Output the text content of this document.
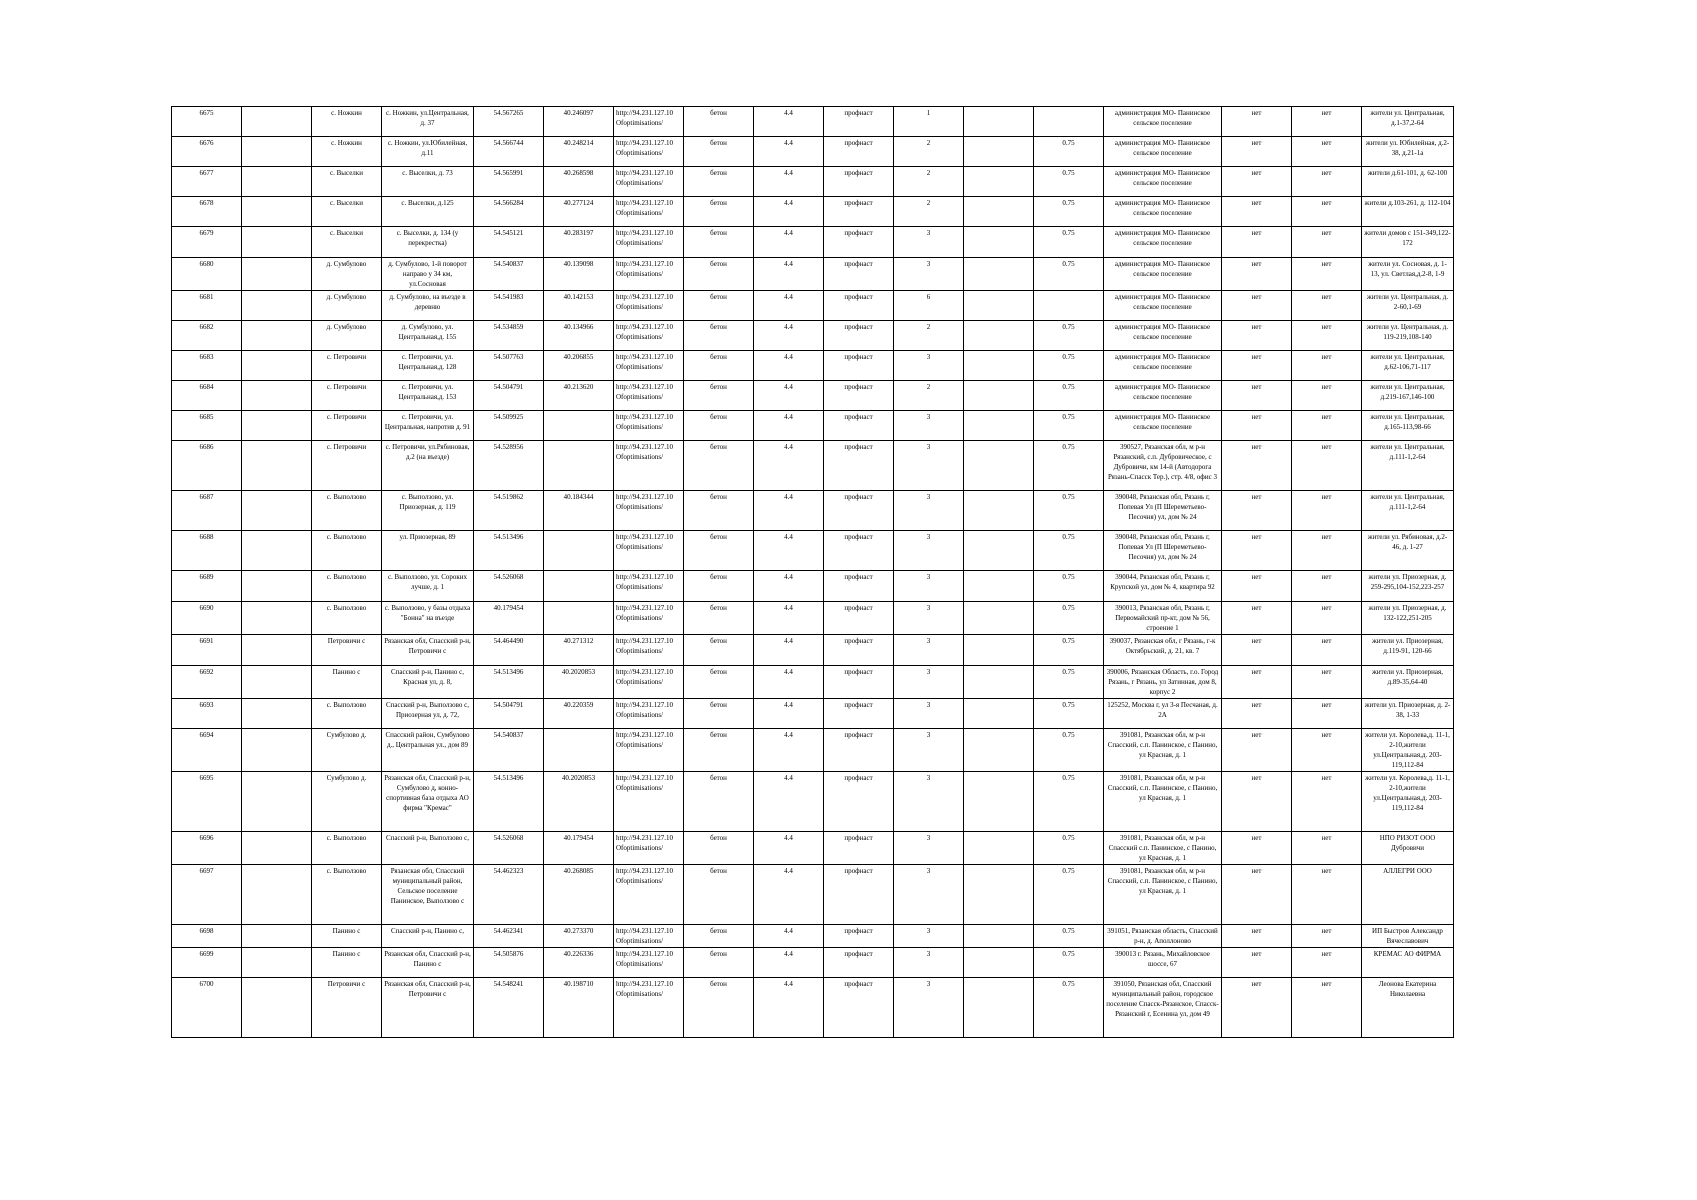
6675		с. Ножкин	с. Ножкин, ул.Центральная, д. 37	54.567265	40.246097	http://94.231.127.10 Ofoptimisations/	бетон	4.4	профнаст	1			администрация МО- Панинское сельское поселение	нет	нет	жители ул. Центральная, д.1-37,2-64
6676		с. Ножкин	с. Ножкин, ул.Юбилейная, д.11	54.566744	40.248214	http://94.231.127.10 Ofoptimisations/	бетон	4.4	профнаст	2		0.75	администрация МО- Панинское сельское поселение	нет	нет	жители ул. Юбилейная, д.2-38, д.21-1а
6677		с. Выселки	с. Выселки, д. 73	54.565991	40.268598	http://94.231.127.10 Ofoptimisations/	бетон	4.4	профнаст	2		0.75	администрация МО- Панинское сельское поселение	нет	нет	жители д.61-101, д. 62-100
6678		с. Выселки	с. Выселки, д.125	54.566284	40.277124	http://94.231.127.10 Ofoptimisations/	бетон	4.4	профнаст	2		0.75	администрация МО- Панинское сельское поселение	нет	нет	жители д.103-261, д. 112-104
6679		с. Выселки	с. Выселки, д. 134 (у перекрестка)	54.545121	40.283197	http://94.231.127.10 Ofoptimisations/	бетон	4.4	профнаст	3		0.75	администрация МО- Панинское сельское поселение	нет	нет	жители домов с 151-349,122-172
6680		д. Сумбулово	д. Сумбулово, 1-й поворот направо у 34 км, ул.Сосновая	54.540837	40.139098	http://94.231.127.10 Ofoptimisations/	бетон	4.4	профнаст	3		0.75	администрация МО- Панинское сельское поселение	нет	нет	жители ул. Сосновая, д. 1-13, ул. Светлая,д.2-8, 1-9
6681		д. Сумбулово	д. Сумбулово, на въезде в деревню	54.541983	40.142153	http://94.231.127.10 Ofoptimisations/	бетон	4.4	профнаст	6			администрация МО- Панинское сельское поселение	нет	нет	жители ул. Центральная, д. 2-60,1-69
6682		д. Сумбулово	д. Сумбулово, ул. Центральная,д. 155	54.534859	40.134966	http://94.231.127.10 Ofoptimisations/	бетон	4.4	профнаст	2		0.75	администрация МО- Панинское сельское поселение	нет	нет	жители ул. Центральная, д. 119-219,108-140
6683		с. Петровичи	с. Петровичи, ул. Центральная,д. 128	54.507763	40.206855	http://94.231.127.10 Ofoptimisations/	бетон	4.4	профнаст	3		0.75	администрация МО- Панинское сельское поселение	нет	нет	жители ул. Центральная, д.62-106,71-117
6684		с. Петровичи	с. Петровичи, ул. Центральная,д. 153	54.504791	40.213620	http://94.231.127.10 Ofoptimisations/	бетон	4.4	профнаст	2		0.75	администрация МО- Панинское сельское поселение	нет	нет	жители ул. Центральная, д.219-167,146-100
6685		с. Петровичи	с. Петровичи, ул. Центральная, напротив д. 91	54.509925		http://94.231.127.10 Ofoptimisations/	бетон	4.4	профнаст	3		0.75	администрация МО- Панинское сельское поселение	нет	нет	жители ул. Центральная, д.165-113,98-66
6686		с. Петровичи	с. Петровичи, ул.Рябиновая, д.2 (на въезде)	54.528956		http://94.231.127.10 Ofoptimisations/	бетон	4.4	профнаст	3		0.75	390527, Рязанская обл, м р-н Рязанский, с.п. Дубровическое, с Дубровичи, км 14-й (Автодорога Рязань-Спасск Тер.), стр. 4/8, офис 3	нет	нет	жители ул. Центральная, д.111-1,2-64
6687		с. Выползово	с. Выползово, ул. Приозерная, д. 119	54.519862	40.184344	http://94.231.127.10 Ofoptimisations/	бетон	4.4	профнаст	3		0.75	390048, Рязанская обл, Рязань г, Попевая Ул (П Шереметьево-Песочня) ул, дом № 24	нет	нет	жители ул. Центральная, д.111-1,2-64
6688		с. Выползово	ул. Приозерная, 89	54.513496		http://94.231.127.10 Ofoptimisations/	бетон	4.4	профнаст	3		0.75	390048, Рязанская обл, Рязань г, Попевая Ул (П Шереметьево-Песочня) ул, дом № 24	нет	нет	жители ул. Рябиновая, д.2-46, д. 1-27
6689		с. Выползово	с. Выползово, ул. Сороких лучше, д. 1	54.526068		http://94.231.127.10 Ofoptimisations/	бетон	4.4	профнаст	3		0.75	390044, Рязанская обл, Рязань г, Крупской ул, дом № 4, квартира 92	нет	нет	жители ул. Приозерная, д. 259-295,104-152,223-257
6690		с. Выползово	с. Выползово, у базы отдыха "Бонна" на въезде	40.179454		http://94.231.127.10 Ofoptimisations/	бетон	4.4	профнаст	3		0.75	390013, Рязанская обл, Рязань г, Первомайский пр-кт, дом № 56, строение 1	нет	нет	жители ул. Приозерная, д. 132-122,251-205
6691		Петровичи с	Рязанская обл, Спасский р-н, Петровичи с	54.464490	40.271312	http://94.231.127.10 Ofoptimisations/	бетон	4.4	профнаст	3		0.75	390037, Рязанская обл, г Рязань, г-к Октябрьский, д. 21, кв. 7	нет	нет	жители ул. Приозерная, д.119-91, 120-66
6692		Панино с	Спасский р-н, Панино с, Красная ул, д. 8,	54.513496	40.2020853	http://94.231.127.10 Ofoptimisations/	бетон	4.4	профнаст	3		0.75	390006, Рязанская Область, г.о. Город Рязань, г Рязань, ул Затинная, дом 8, корпус 2	нет	нет	жители ул. Приозерная, д.89-35,64-40
6693		с. Выползово	Спасский р-н, Выползово с, Приозерная ул, д. 72,	54.504791	40.220359	http://94.231.127.10 Ofoptimisations/	бетон	4.4	профнаст	3		0.75	125252, Москва г, ул 3-я Песчаная, д. 2А	нет	нет	жители ул. Приозерная, д. 2-38, 1-33
6694		Сумбулово д.	Спасский район, Сумбулово д., Центральная ул., дом 89	54.540837		http://94.231.127.10 Ofoptimisations/	бетон	4.4	профнаст	3		0.75	391081, Рязанская обл, м р-н Спасский, с.п. Панинское, с Панино, ул Красная, д. 1	нет	нет	жители ул. Королева,д. 11-1, 2-10,жители ул.Центральная,д. 203-119,112-84
6695		Сумбулово д.	Рязанская обл, Спасский р-н, Сумбулово д, конно-спортивная база отдыха АО фирма "Кремас"	54.513496	40.2020853	http://94.231.127.10 Ofoptimisations/	бетон	4.4	профнаст	3		0.75	391081, Рязанская обл, м р-н Спасский, с.п. Панинское, с Панино, ул Красная, д. 1	нет	нет	жители ул. Королева,д. 11-1, 2-10,жители ул.Центральная,д. 203-119,112-84
6696		с. Выползово	Спасский р-н, Выползово с,	54.526068	40.179454	http://94.231.127.10 Ofoptimisations/	бетон	4.4	профнаст	3		0.75	391081, Рязанская обл, м р-н Спасский с.п. Панинское, с Панино, ул Красная, д. 1	нет	нет	НПО РИЗОТ ООО Дубровичи
6697		с. Выползово	Рязанская обл, Спасский муниципальный район, Сельское поселение Панинское, Выползово с	54.462323	40.268085	http://94.231.127.10 Ofoptimisations/	бетон	4.4	профнаст	3		0.75	391081, Рязанская обл, м р-н Спасский, с.п. Панинское, с Панино, ул Красная, д. 1	нет	нет	АЛЛЕГРИ ООО
6698		Панино с	Спасский р-н, Панино с,	54.462341	40.273370	http://94.231.127.10 Ofoptimisations/	бетон	4.4	профнаст	3		0.75	391051, Рязанская область, Спасский р-н, д. Аполлоново	нет	нет	ИП Быстров Александр Вячеславович
6699		Панино с	Рязанская обл, Спасский р-н, Панино с	54.505876	40.226336	http://94.231.127.10 Ofoptimisations/	бетон	4.4	профнаст	3		0.75	390013 г. Рязань, Михайловское шоссе, 67	нет	нет	КРЕМАС АО ФИРМА
6700		Петровичи с	Рязанская обл, Спасский р-н, Петровичи с	54.548241	40.198710	http://94.231.127.10 Ofoptimisations/	бетон	4.4	профнаст	3		0.75	391050, Рязанская обл, Спасский муниципальный район, городское поселение Спасск-Рязанское, Спасск-Рязанский г, Есенина ул, дом 49	нет	нет	Леонова Екатерина Николаевна
